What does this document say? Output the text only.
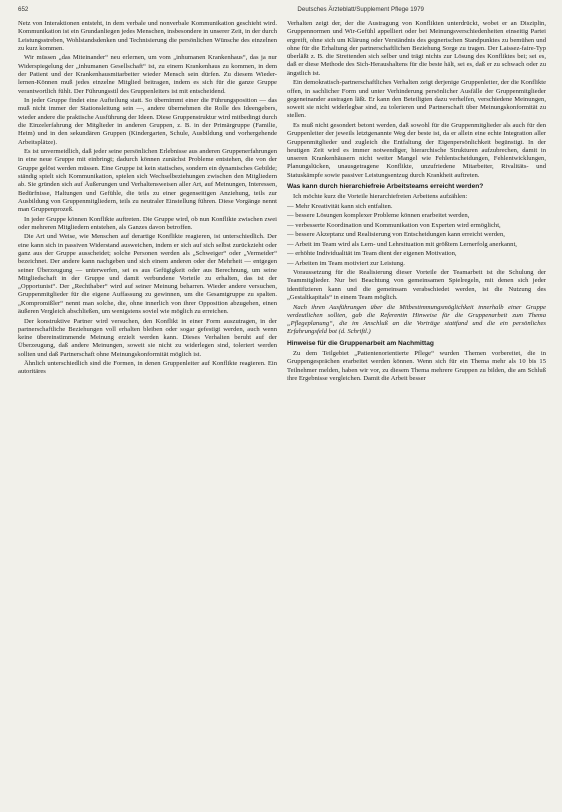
652	Deutsches Ärzteblatt/Supplement Pflege 1979

Netz von Interaktionen entsteht, in dem verbale und nonverbale Kommunikation geschieht wird. Kommunikation ist ein Grundanliegen jedes Menschen, insbesondere in unserer Zeit, in der durch Leistungsstreben, Wohlstandsdenken und Technisierung die persönlichen Wünsche des einzelnen zu kurz kommen.

Wir müssen „das Miteinander“ neu erlernen, um vom „inhumanen Krankenhaus“, das ja nur Widerspiegelung der „inhumanen Gesellschaft“ ist, zu einem Krankenhaus zu kommen, in dem der Patient und der Krankenhausmitarbeiter wieder Mensch sein dürfen. Zu diesem Wieder-lernen-Können muß jedes einzelne Mitglied beitragen, indem es sich für die ganze Gruppe verantwortlich fühlt. Der Führungsstil des Gruppenleiters ist mit entscheidend.

In jeder Gruppe findet eine Aufteilung statt. So übernimmt einer die Führungsposition — das muß nicht immer der Stationsleitung sein —, andere übernehmen die Rolle des Ideengebers, wieder andere die praktische Ausführung der Ideen. Diese Gruppenstruktur wird mitbedingt durch die Einzelerfahrung der Mitglieder in anderen Gruppen, z. B. in der Primärgruppe (Familie, Heim) und in den sekundären Gruppen (Kindergarten, Schule, Ausbildung und vorhergehende Arbeitsplätze).

Es ist unvermeidlich, daß jeder seine persönlichen Erlebnisse aus anderen Gruppenerfahrungen in eine neue Gruppe mit einbringt; dadurch können zunächst Probleme entstehen, die von der Gruppe gelöst werden müssen. Eine Gruppe ist kein statisches, sondern ein dynamisches Gebilde; ständig spielt sich Kommunikation, spielen sich Wechselbeziehungen zwischen den Mitgliedern ab. Sie gründen sich auf Äußerungen und Verhaltensweisen aller Art, auf Meinungen, Interessen, Bedürfnisse, Haltungen und Gefühle, die teils zu einer gegenseitigen Anziehung, teils zur Ausbildung von Gruppenmitgliedern, teils zu neutraler Einstellung führen. Diese Vorgänge nennt man Gruppenprozeß.

In jeder Gruppe können Konflikte auftreten. Die Gruppe wird, ob nun Konflikte zwischen zwei oder mehreren Mitgliedern entstehen, als Ganzes davon betroffen.

Die Art und Weise, wie Menschen auf derartige Konflikte reagieren, ist unterschiedlich. Der eine kann sich in passiven Widerstand ausweichen, indem er sich auf sich selbst zurückzieht oder ganz aus der Gruppe ausscheidet; solche Personen werden als „Schweiger“ oder „Vermeider“ bezeichnet. Der andere kann nachgeben und sich einem anderen oder der Mehrheit — entgegen seiner Überzeugung — unterwerfen, sei es aus Gefügigkeit oder aus Berechnung, um seine Mitgliedschaft in der Gruppe und damit verbundene Vorteile zu erhalten, das ist der „Opportunist“. Der „Rechthaber“ wird auf seiner Meinung beharren. Wieder andere versuchen, Gruppenmitglieder für die eigene Auffassung zu gewinnen, um die Gesamtgruppe zu spalten. „Kompromißler“ nennt man solche, die, ohne innerlich von ihrer Opposition abzugehen, einen äußeren Vergleich abschließen, um wenigstens soviel wie möglich zu erreichen.

Der konstruktive Partner wird versuchen, den Konflikt in einer Form auszutragen, in der partnerschaftliche Beziehungen voll erhalten bleiben oder sogar gefestigt werden, auch wenn keine übereinstimmende Meinung erzielt werden kann. Dieses Verhalten beruht auf der Überzeugung, daß andere Meinungen, soweit sie nicht zu widerlegen sind, toleriert werden sollten und daß Partnerschaft ohne Meinungskonformität möglich ist.

Ähnlich unterschiedlich sind die Formen, in denen Gruppenleiter auf Konflikte reagieren. Ein autoritäres

Verhalten zeigt der, der die Austragung von Konflikten unterdrückt, wobei er an Disziplin, Gruppennormen und Wir-Gefühl appelliert oder bei Meinungsverschiedenheiten einseitig Partei ergreift, ohne sich um Klärung oder Verständnis des gegnerischen Standpunktes zu bemühen und ohne für die Erhaltung der partnerschaftlichen Beziehung Sorge zu tragen. Der Laissez-faire-Typ überläßt z. B. die Streitenden sich selber und trägt nichts zur Lösung des Konfliktes bei; sei es, daß er diese Methode des Sich-Heraushaltens für die beste hält, sei es, daß er zu schwach oder zu ängstlich ist.

Ein demokratisch-partnerschaftliches Verhalten zeigt derjenige Gruppenleiter, der die Konflikte offen, in sachlicher Form und unter Verhinderung persönlicher Ausfälle der Gruppenmitglieder gegeneinander austragen läßt. Er kann den Beteiligten dazu verhelfen, verschiedene Meinungen, soweit sie nicht widerlegbar sind, zu tolerieren und Partnerschaft über Meinungskonformität zu stellen.

Es muß nicht gesondert betont werden, daß sowohl für die Gruppenmitglieder als auch für den Gruppenleiter der jeweils letztgenannte Weg der beste ist, da er allein eine echte Integration aller Gruppenmitglieder und zugleich die Entfaltung der Eigenpersönlichkeit begünstigt. In der heutigen Zeit wird es immer notwendiger, hierarchische Strukturen aufzubrechen, damit in unseren Krankenhäusern nicht weiter Mangel wie Fehlentscheidungen, Fehlentwicklungen, Planungslücken, unausgetragene Konflikte, unzufriedene Mitarbeiter, Rivalitäts- und Statuskämpfe sowie passiver Leistungsentzug durch Krankheit auftreten.

Was kann durch hierarchiefreie Arbeitsteams erreicht werden?

Ich möchte kurz die Vorteile hierarchiefreien Arbeitens aufzählen:

— Mehr Kreativität kann sich entfalten.

— bessere Lösungen komplexer Probleme können erarbeitet werden,

— verbesserte Koordination und Kommunikation von Experten wird ermöglicht,

— bessere Akzeptanz und Realisierung von Entscheidungen kann erreicht werden,

— Arbeit im Team wird als Lern- und Lehrsituation mit größtem Lernerfolg anerkannt,

— erhöhte Individualität im Team dient der eigenen Motivation,

— Arbeiten im Team motiviert zur Leistung.

Voraussetzung für die Realisierung dieser Vorteile der Teamarbeit ist die Schulung der Teammitglieder. Nur bei Beachtung von gemeinsamen Spielregeln, mit denen sich jeder identifizieren kann und die gemeinsam verabschiedet werden, ist die Nutzung des „Gestaltkapitals“ in einem Team möglich.

Nach ihren Ausführungen über die Mitbestimmungsmöglichkeit innerhalb einer Gruppe verdeutlichen sollten, gab die Referentin Hinweise für die Gruppenarbeit zum Thema „Pflegeplanung“, die im Anschluß an die Vorträge stattfand und die ein persönliches Erfahrungsfeld bot (d. Schriftl.)

Hinweise für die Gruppenarbeit am Nachmittag

Zu dem Teilgebiet „Patientenorientierte Pflege“ wurden Themen vorbereitet, die in Gruppengesprächen erarbeitet werden können. Wenn sich für ein Thema mehr als 10 bis 15 Teilnehmer melden, haben wir vor, zu diesem Thema mehrere Gruppen zu bilden, die am Schluß ihre Ergebnisse vergleichen. Damit die Arbeit besser
